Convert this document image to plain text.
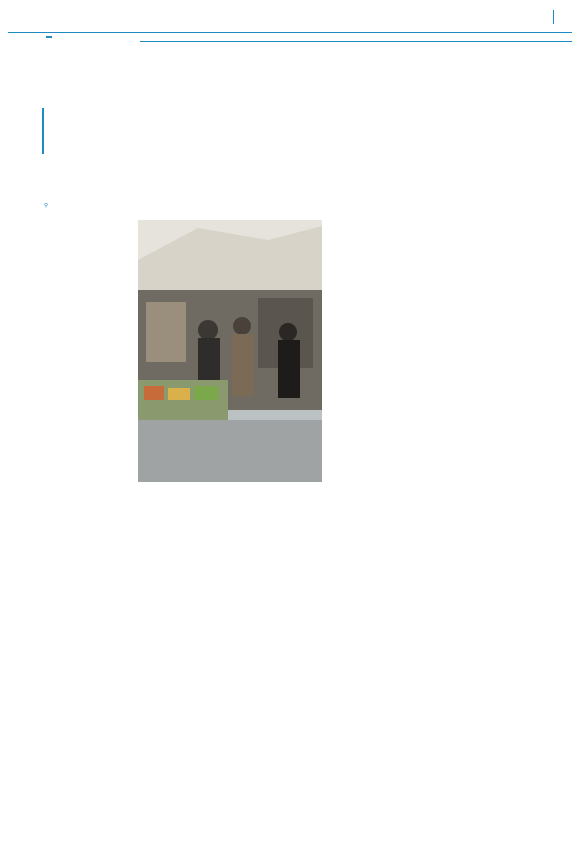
⚲
